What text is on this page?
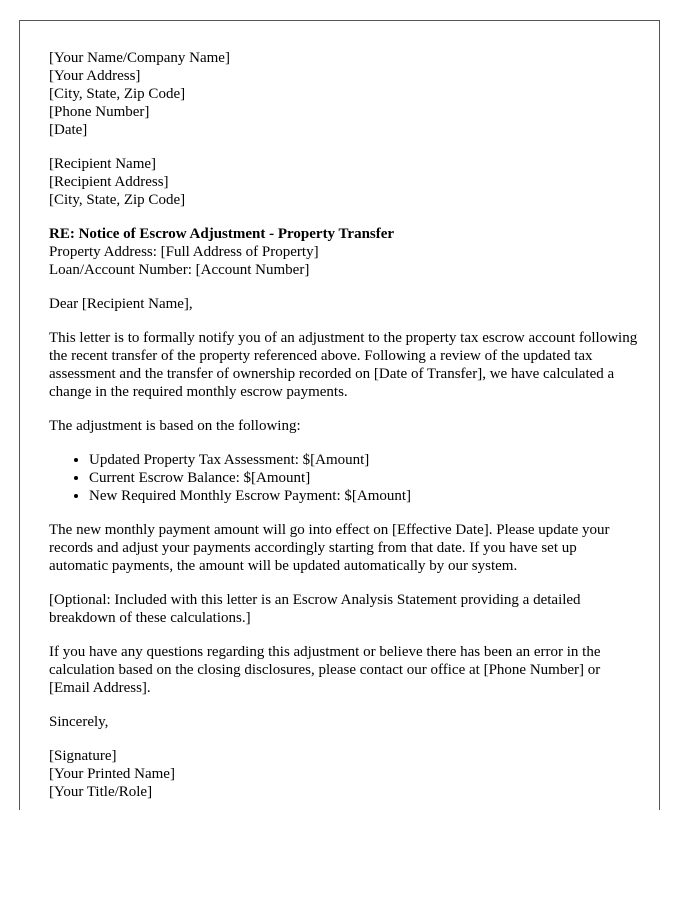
[Your Name/Company Name]
[Your Address]
[City, State, Zip Code]
[Phone Number]
[Date]
[Recipient Name]
[Recipient Address]
[City, State, Zip Code]
RE: Notice of Escrow Adjustment - Property Transfer
Property Address: [Full Address of Property]
Loan/Account Number: [Account Number]

Dear [Recipient Name],

This letter is to formally notify you of an adjustment to the property tax escrow account following the recent transfer of the property referenced above. Following a review of the updated tax assessment and the transfer of ownership recorded on [Date of Transfer], we have calculated a change in the required monthly escrow payments.

The adjustment is based on the following:

• Updated Property Tax Assessment: $[Amount]
• Current Escrow Balance: $[Amount]
• New Required Monthly Escrow Payment: $[Amount]

The new monthly payment amount will go into effect on [Effective Date]. Please update your records and adjust your payments accordingly starting from that date. If you have set up automatic payments, the amount will be updated automatically by our system.

[Optional: Included with this letter is an Escrow Analysis Statement providing a detailed breakdown of these calculations.]

If you have any questions regarding this adjustment or believe there has been an error in the calculation based on the closing disclosures, please contact our office at [Phone Number] or [Email Address].

Sincerely,

[Signature]
[Your Printed Name]
[Your Title/Role]
